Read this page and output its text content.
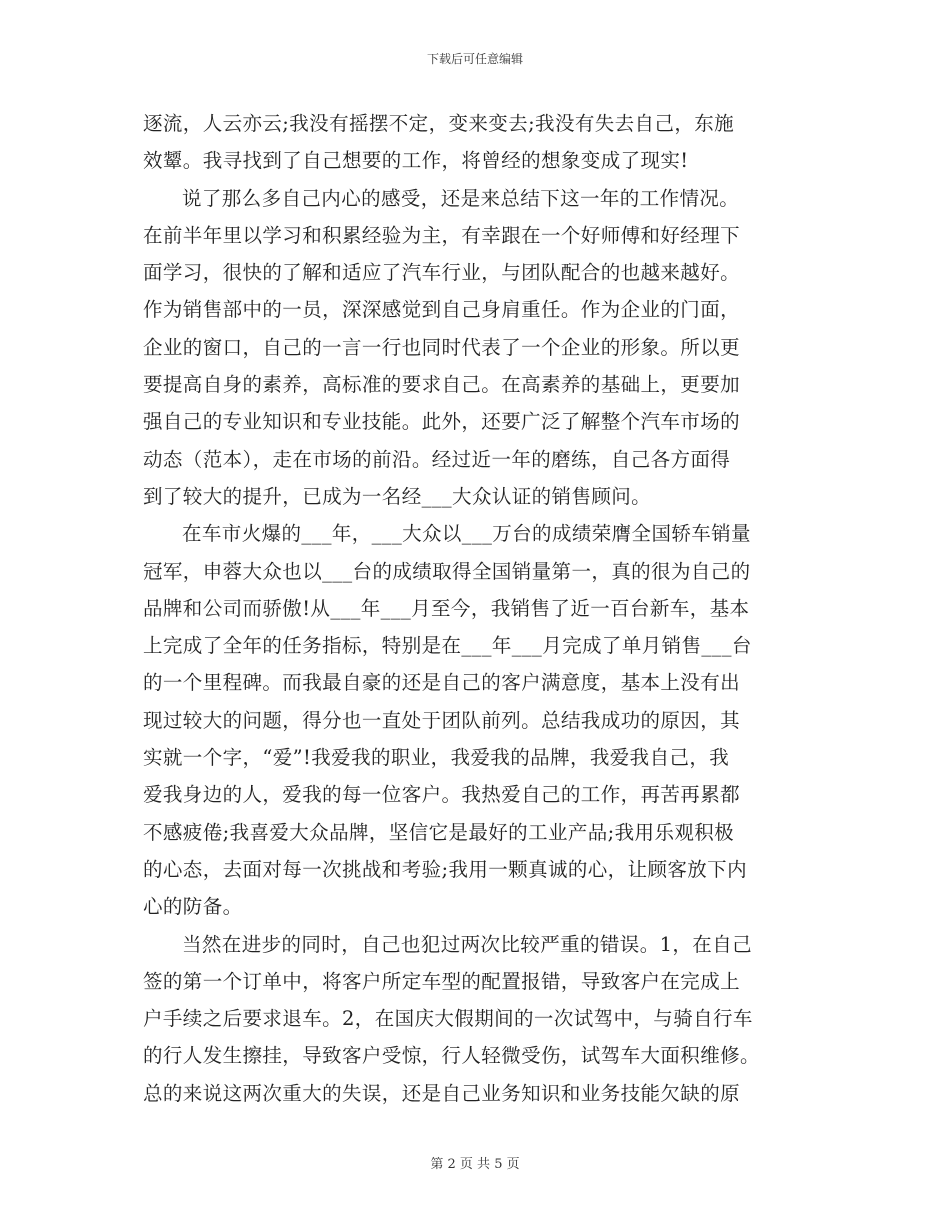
下载后可任意编辑
逐流，人云亦云;我没有摇摆不定，变来变去;我没有失去自己，东施
效颦。我寻找到了自己想要的工作，将曾经的想象变成了现实!
说了那么多自己内心的感受，还是来总结下这一年的工作情况。
在前半年里以学习和积累经验为主，有幸跟在一个好师傅和好经理下
面学习，很快的了解和适应了汽车行业，与团队配合的也越来越好。
作为销售部中的一员，深深感觉到自己身肩重任。作为企业的门面，
企业的窗口，自己的一言一行也同时代表了一个企业的形象。所以更
要提高自身的素养，高标准的要求自己。在高素养的基础上，更要加
强自己的专业知识和专业技能。此外，还要广泛了解整个汽车市场的
动态（范本），走在市场的前沿。经过近一年的磨练，自己各方面得
到了较大的提升，已成为一名经___大众认证的销售顾问。
在车市火爆的___年，___大众以___万台的成绩荣膺全国轿车销量
冠军，申蓉大众也以___台的成绩取得全国销量第一，真的很为自己的
品牌和公司而骄傲!从___年___月至今，我销售了近一百台新车，基本
上完成了全年的任务指标，特别是在___年___月完成了单月销售___台
的一个里程碑。而我最自豪的还是自己的客户满意度，基本上没有出
现过较大的问题，得分也一直处于团队前列。总结我成功的原因，其
实就一个字，“爱”!我爱我的职业，我爱我的品牌，我爱我自己，我
爱我身边的人，爱我的每一位客户。我热爱自己的工作，再苦再累都
不感疲倦;我喜爱大众品牌，坚信它是最好的工业产品;我用乐观积极
的心态，去面对每一次挑战和考验;我用一颗真诚的心，让顾客放下内
心的防备。
当然在进步的同时，自己也犯过两次比较严重的错误。1，在自己
签的第一个订单中，将客户所定车型的配置报错，导致客户在完成上
户手续之后要求退车。2，在国庆大假期间的一次试驾中，与骑自行车
的行人发生擦挂，导致客户受惊，行人轻微受伤，试驾车大面积维修。
总的来说这两次重大的失误，还是自己业务知识和业务技能欠缺的原
第 2 页 共 5 页
